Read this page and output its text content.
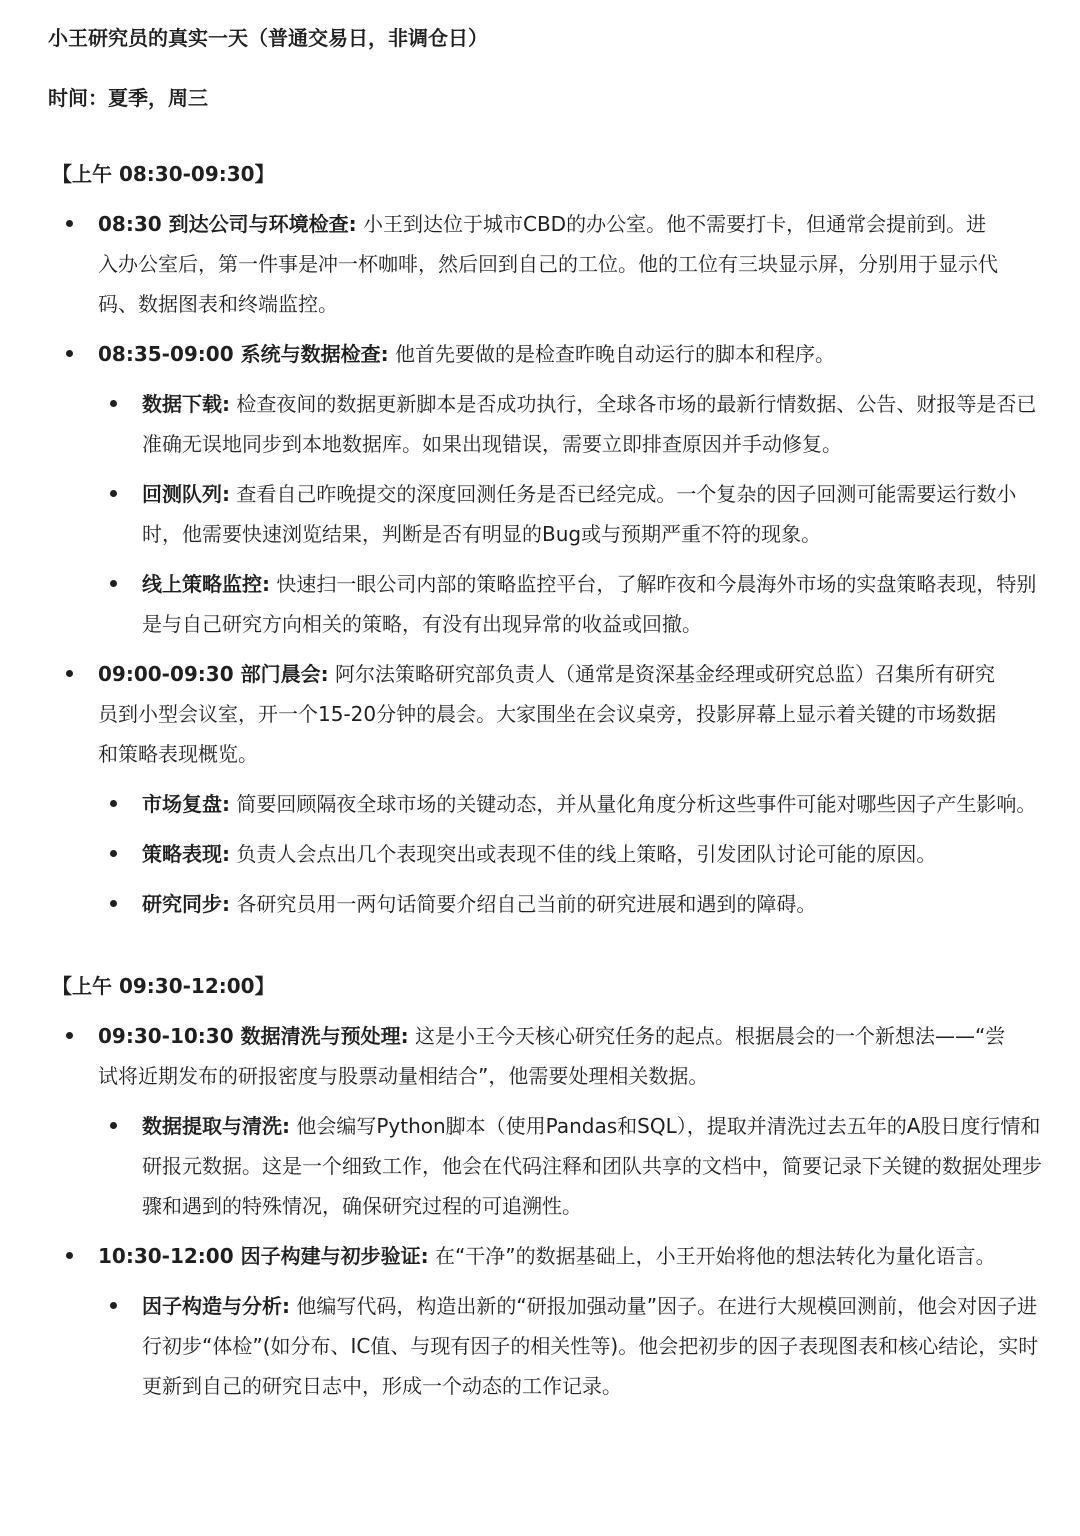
小王研究员的真实一天（普通交易日，非调仓日）

时间：夏季，周三

【上午 08:30-09:30】
08:30 到达公司与环境检查: 小王到达位于城市CBD的办公室。他不需要打卡，但通常会提前到。进入办公室后，第一件事是冲一杯咖啡，然后回到自己的工位。他的工位有三块显示屏，分别用于显示代码、数据图表和终端监控。
08:35-09:00 系统与数据检查: 他首先要做的是检查昨晚自动运行的脚本和程序。
数据下载: 检查夜间的数据更新脚本是否成功执行，全球各市场的最新行情数据、公告、财报等是否已准确无误地同步到本地数据库。如果出现错误，需要立即排查原因并手动修复。
回测队列: 查看自己昨晚提交的深度回测任务是否已经完成。一个复杂的因子回测可能需要运行数小时，他需要快速浏览结果，判断是否有明显的Bug或与预期严重不符的现象。
线上策略监控: 快速扫一眼公司内部的策略监控平台，了解昨夜和今晨海外市场的实盘策略表现，特别是与自己研究方向相关的策略，有没有出现异常的收益或回撤。
09:00-09:30 部门晨会: 阿尔法策略研究部负责人（通常是资深基金经理或研究总监）召集所有研究员到小型会议室，开一个15-20分钟的晨会。大家围坐在会议桌旁，投影屏幕上显示着关键的市场数据和策略表现概览。
市场复盘: 简要回顾隔夜全球市场的关键动态，并从量化角度分析这些事件可能对哪些因子产生影响。
策略表现: 负责人会点出几个表现突出或表现不佳的线上策略，引发团队讨论可能的原因。
研究同步: 各研究员用一两句话简要介绍自己当前的研究进展和遇到的障碍。
【上午 09:30-12:00】
09:30-10:30 数据清洗与预处理: 这是小王今天核心研究任务的起点。根据晨会的一个新想法——“尝试将近期发布的研报密度与股票动量相结合”，他需要处理相关数据。
数据提取与清洗: 他会编写Python脚本（使用Pandas和SQL），提取并清洗过去五年的A股日度行情和研报元数据。这是一个细致工作，他会在代码注释和团队共享的文档中，简要记录下关键的数据处理步骤和遇到的特殊情况，确保研究过程的可追溯性。
10:30-12:00 因子构建与初步验证: 在“干净”的数据基础上，小王开始将他的想法转化为量化语言。
因子构造与分析: 他编写代码，构造出新的“研报加强动量”因子。在进行大规模回测前，他会对因子进行初步“体检”(如分布、IC值、与现有因子的相关性等)。他会把初步的因子表现图表和核心结论，实时更新到自己的研究日志中，形成一个动态的工作记录。
